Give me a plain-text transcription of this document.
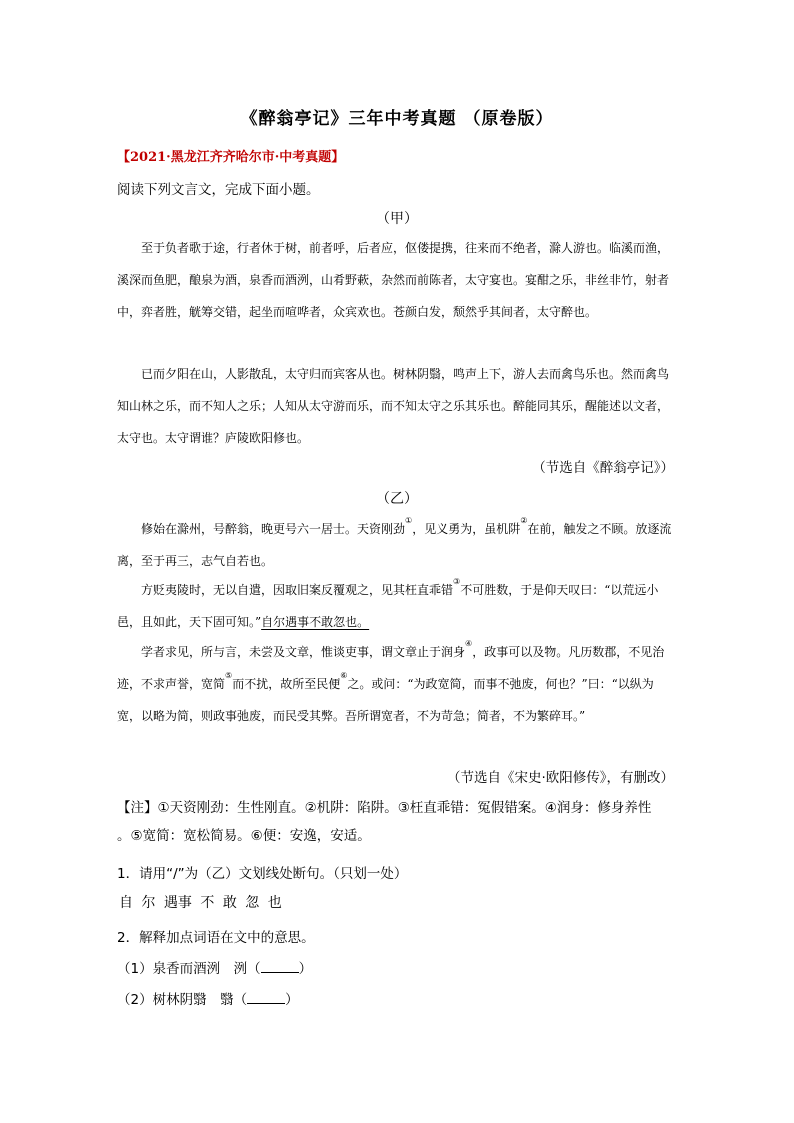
《醉翁亭记》三年中考真题 （原卷版）
【2021·黑龙江齐齐哈尔市·中考真题】
阅读下列文言文，完成下面小题。
（甲）
至于负者歌于途，行者休于树，前者呼，后者应，伛偻提携，往来而不绝者，滁人游也。临溪而渔，溪深而鱼肥，酿泉为酒，泉香而酒洌，山肴野蔌，杂然而前陈者，太守宴也。宴酣之乐，非丝非竹，射者中，弈者胜，觥筹交错，起坐而喧哗者，众宾欢也。苍颜白发，颓然乎其间者，太守醉也。
已而夕阳在山，人影散乱，太守归而宾客从也。树林阴翳，鸣声上下，游人去而禽鸟乐也。然而禽鸟知山林之乐，而不知人之乐；人知从太守游而乐，而不知太守之乐其乐也。醉能同其乐，醒能述以文者，太守也。太守谓谁？庐陵欧阳修也。
（节选自《醉翁亭记》）
（乙）
修始在滁州，号醉翁，晚更号六一居士。天资刚劲①，见义勇为，虽机阱②在前，触发之不顾。放逐流离，至于再三，志气自若也。
方贬夷陵时，无以自遣，因取旧案反覆观之，见其枉直乖错③不可胜数，于是仰天叹曰：“以荒远小邑，且如此，天下固可知。”自尔遇事不敢忽也。
学者求见，所与言，未尝及文章，惟谈吏事，谓文章止于润身④，政事可以及物。凡历数郡，不见治迹，不求声誉，宽简⑤而不扰，故所至民便⑥之。或问：“为政宽简，而事不弛废，何也？”曰：“以纵为宽，以略为简，则政事弛废，而民受其弊。吾所谓宽者，不为苛急；简者，不为繁碎耳。”
（节选自《宋史·欧阳修传》，有删改）
【注】①天资刚劲：生性刚直。②机阱：陷阱。③枉直乖错：冤假错案。④润身：修身养性
。⑤宽简：宽松简易。⑥便：安逸，安适。
1．请用“/”为（乙）文划线处断句。（只划一处）
自 尔 遇事 不 敢 忽 也
2．解释加点词语在文中的意思。
（1）泉香而酒洌　洌（	）
（2）树林阴翳　翳（	）
